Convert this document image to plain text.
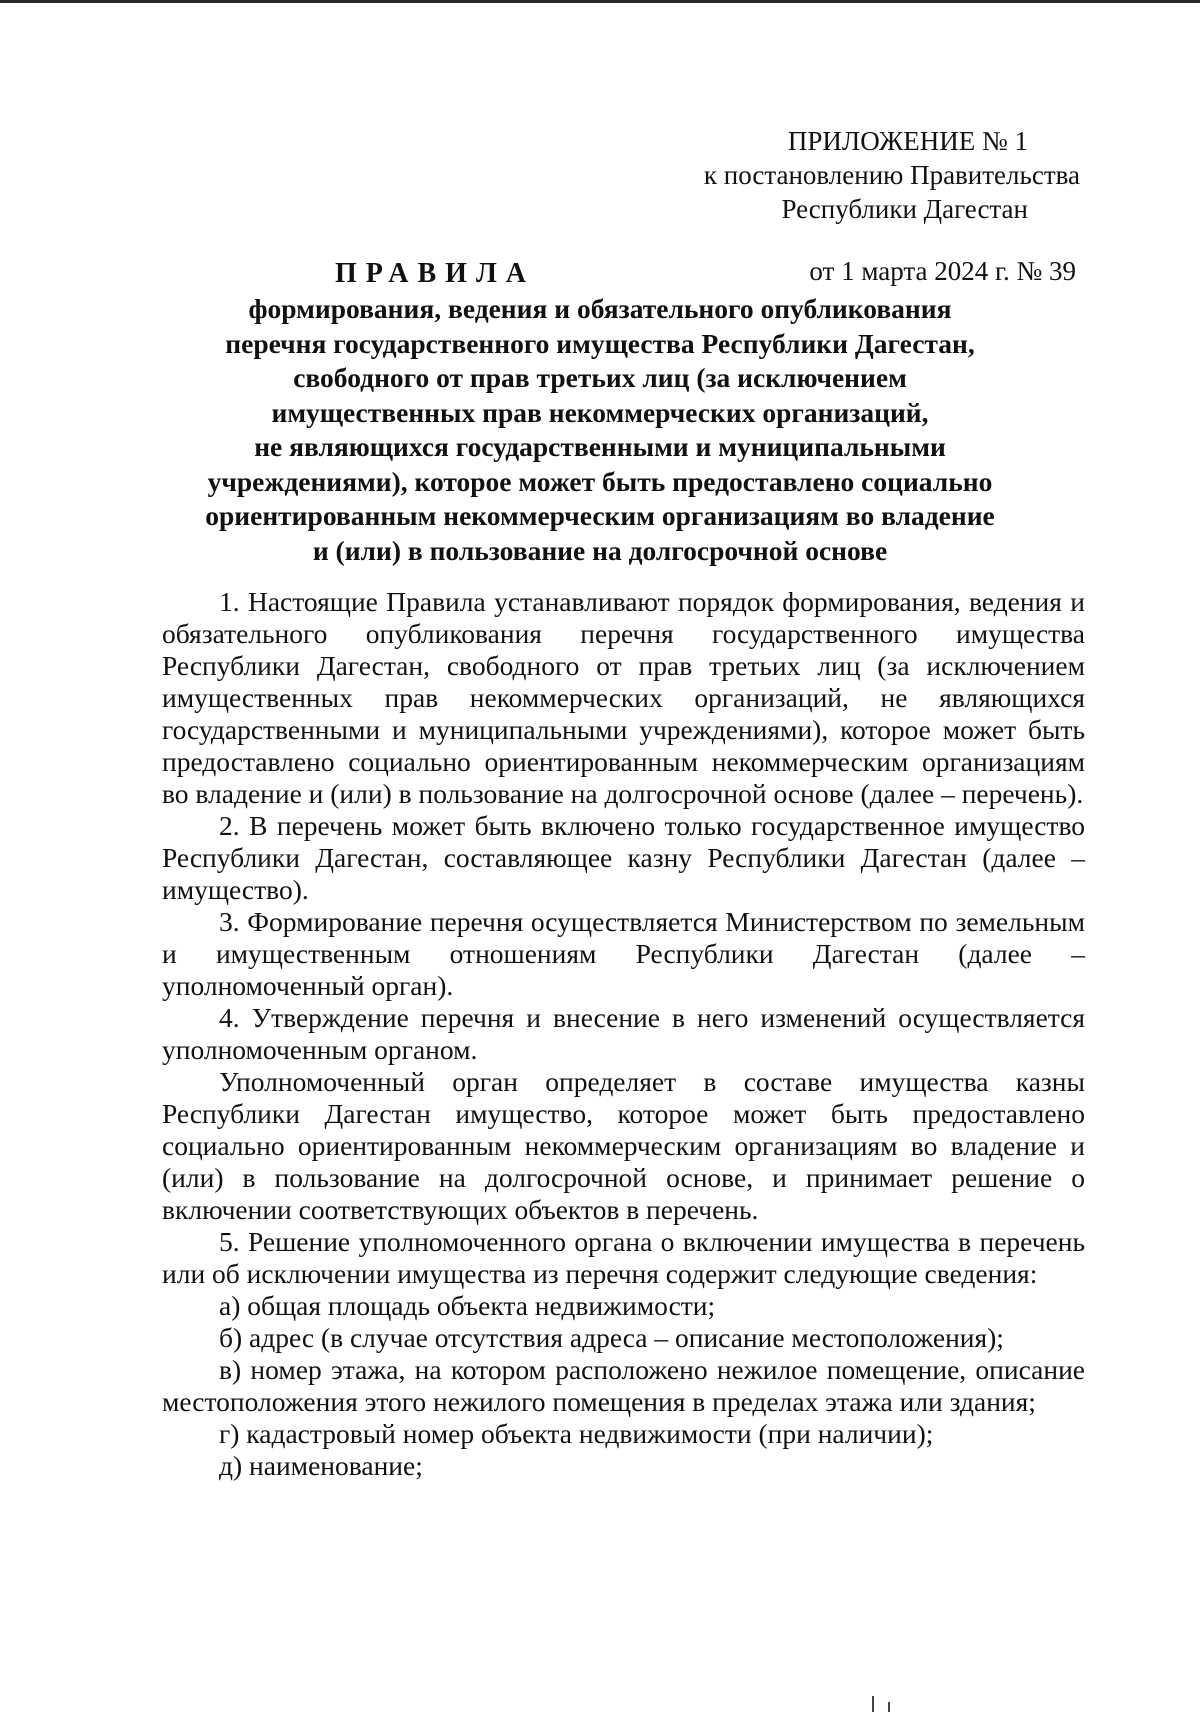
ПРИЛОЖЕНИЕ № 1
к постановлению Правительства
Республики Дагестан
от 1 марта 2024 г. № 39
ПРАВИЛА
формирования, ведения и обязательного опубликования
перечня государственного имущества Республики Дагестан,
свободного от прав третьих лиц (за исключением
имущественных прав некоммерческих организаций,
не являющихся государственными и муниципальными
учреждениями), которое может быть предоставлено социально
ориентированным некоммерческим организациям во владение
и (или) в пользование на долгосрочной основе

1. Настоящие Правила устанавливают порядок формирования, ведения и обязательного опубликования перечня государственного имущества Республики Дагестан, свободного от прав третьих лиц (за исключением имущественных прав некоммерческих организаций, не являющихся государственными и муниципальными учреждениями), которое может быть предоставлено социально ориентированным некоммерческим организациям во владение и (или) в пользование на долгосрочной основе (далее – перечень).

2. В перечень может быть включено только государственное имущество Республики Дагестан, составляющее казну Республики Дагестан (далее – имущество).

3. Формирование перечня осуществляется Министерством по земельным и имущественным отношениям Республики Дагестан (далее – уполномоченный орган).

4. Утверждение перечня и внесение в него изменений осуществляется уполномоченным органом.

Уполномоченный орган определяет в составе имущества казны Республики Дагестан имущество, которое может быть предоставлено социально ориентированным некоммерческим организациям во владение и (или) в пользование на долгосрочной основе, и принимает решение о включении соответствующих объектов в перечень.

5. Решение уполномоченного органа о включении имущества в перечень или об исключении имущества из перечня содержит следующие сведения:

а) общая площадь объекта недвижимости;

б) адрес (в случае отсутствия адреса – описание местоположения);

в) номер этажа, на котором расположено нежилое помещение, описание местоположения этого нежилого помещения в пределах этажа или здания;

г) кадастровый номер объекта недвижимости (при наличии);

д) наименование;
